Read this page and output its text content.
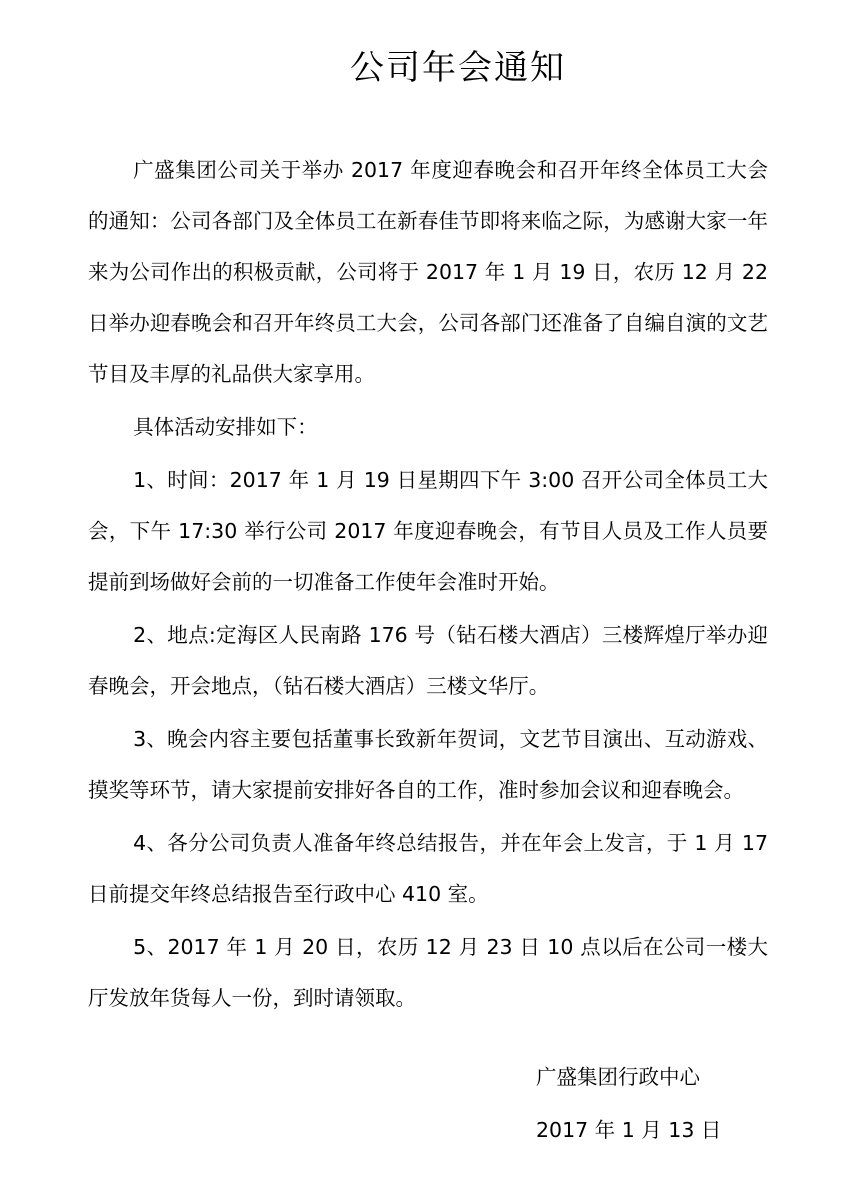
公司年会通知

广盛集团公司关于举办 2017 年度迎春晚会和召开年终全体员工大会的通知：公司各部门及全体员工在新春佳节即将来临之际，为感谢大家一年来为公司作出的积极贡献，公司将于 2017 年 1 月 19 日，农历 12 月 22 日举办迎春晚会和召开年终员工大会，公司各部门还准备了自编自演的文艺节目及丰厚的礼品供大家享用。

具体活动安排如下：

1、时间：2017 年 1 月 19 日星期四下午 3:00 召开公司全体员工大会，下午 17:30 举行公司 2017 年度迎春晚会，有节目人员及工作人员要提前到场做好会前的一切准备工作使年会准时开始。

2、地点:定海区人民南路 176 号（钻石楼大酒店）三楼辉煌厅举办迎春晚会，开会地点，（钻石楼大酒店）三楼文华厅。

3、晚会内容主要包括董事长致新年贺词，文艺节目演出、互动游戏、摸奖等环节，请大家提前安排好各自的工作，准时参加会议和迎春晚会。

4、各分公司负责人准备年终总结报告，并在年会上发言，于 1 月 17 日前提交年终总结报告至行政中心 410 室。

5、2017 年 1 月 20 日，农历 12 月 23 日 10 点以后在公司一楼大厅发放年货每人一份，到时请领取。

广盛集团行政中心
2017 年 1 月 13 日
